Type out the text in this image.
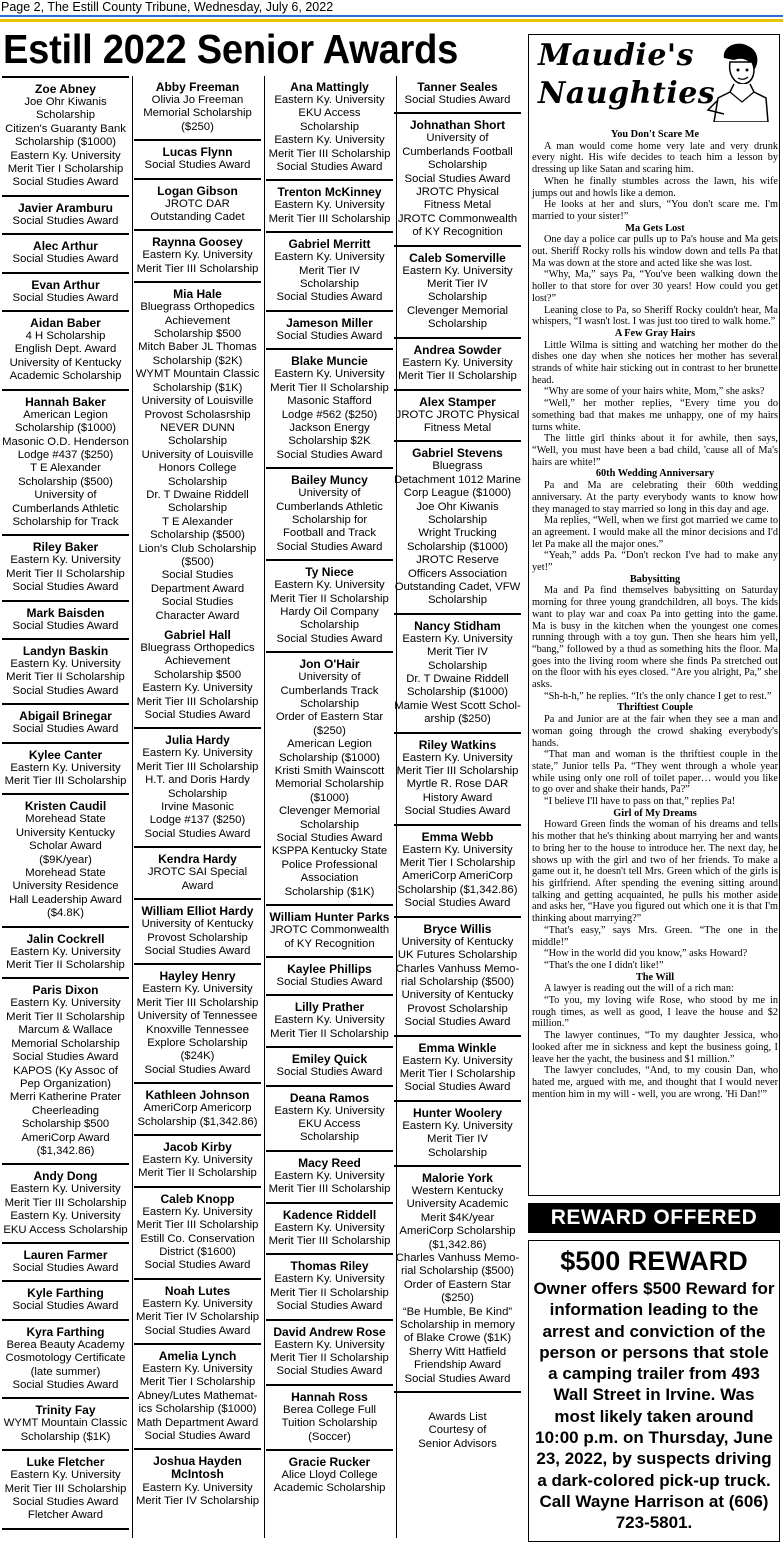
Page 2, The Estill County Tribune, Wednesday, July 6, 2022
Estill 2022 Senior Awards
Zoe Abney
Joe Ohr Kiwanis
Scholarship
Citizen's Guaranty Bank
Scholarship ($1000)
Eastern Ky. University
Merit Tier I Scholarship
Social Studies Award
Javier Aramburu
Social Studies Award
Alec Arthur
Social Studies Award
Evan Arthur
Social Studies Award
Aidan Baber
4 H Scholarship
English Dept. Award
University of Kentucky
Academic Scholarship
Hannah Baker
American Legion
Scholarship ($1000)
Masonic O.D. Henderson
Lodge #437 ($250)
T E Alexander
Scholarship ($500)
University of
Cumberlands Athletic
Scholarship for Track
Riley Baker
Eastern Ky. University
Merit Tier II Scholarship
Social Studies Award
Mark Baisden
Social Studies Award
Landyn Baskin
Eastern Ky. University
Merit Tier II Scholarship
Social Studies Award
Abigail Brinegar
Social Studies Award
Kylee Canter
Eastern Ky. University
Merit Tier III Scholarship
Kristen Caudil
Morehead State
University Kentucky
Scholar Award
($9K/year)
Morehead State
University Residence
Hall Leadership Award
($4.8K)
Jalin Cockrell
Eastern Ky. University
Merit Tier II Scholarship
Paris Dixon
Eastern Ky. University
Merit Tier II Scholarship
Marcum & Wallace
Memorial Scholarship
Social Studies Award
KAPOS (Ky Assoc of
Pep Organization)
Merri Katherine Prater
Cheerleading
Scholarship $500
AmeriCorp Award
($1,342.86)
Andy Dong
Eastern Ky. University
Merit Tier III Scholarship
Eastern Ky. University
EKU Access Scholarship
Lauren Farmer
Social Studies Award
Kyle Farthing
Social Studies Award
Kyra Farthing
Berea Beauty Academy
Cosmotology Certificate
(late summer)
Social Studies Award
Trinity Fay
WYMT Mountain Classic
Scholarship ($1K)
Luke Fletcher
Eastern Ky. University
Merit Tier III Scholarship
Social Studies Award
Fletcher Award
Abby Freeman
Olivia Jo Freeman
Memorial Scholarship
($250)
Lucas Flynn
Social Studies Award
Logan Gibson
JROTC DAR
Outstanding Cadet
Raynna Goosey
Eastern Ky. University
Merit Tier III Scholarship
Mia Hale
Bluegrass Orthopedics
Achievement
Scholarship $500
Mitch Baber JL Thomas
Scholarship ($2K)
WYMT Mountain Classic
Scholarship ($1K)
University of Louisville
Provost Scholasrship
NEVER DUNN
Scholarship
University of Louisville
Honors College
Scholarship
Dr. T Dwaine Riddell
Scholarship
T E Alexander
Scholarship ($500)
Lion's Club Scholarship
($500)
Social Studies
Department Award
Social Studies
Character Award
Gabriel Hall
Bluegrass Orthopedics
Achievement
Scholarship $500
Eastern Ky. University
Merit Tier III Scholarship
Social Studies Award
Julia Hardy
Eastern Ky. University
Merit Tier III Scholarship
H.T. and Doris Hardy
Scholarship
Irvine Masonic
Lodge #137 ($250)
Social Studies Award
Kendra Hardy
JROTC SAI Special
Award
William Elliot Hardy
University of Kentucky
Provost Scholarship
Social Studies Award
Hayley Henry
Eastern Ky. University
Merit Tier III Scholarship
University of Tennessee
Knoxville Tennessee
Explore Scholarship
($24K)
Social Studies Award
Kathleen Johnson
AmeriCorp Americorp
Scholarship ($1,342.86)
Jacob Kirby
Eastern Ky. University
Merit Tier II Scholarship
Caleb Knopp
Eastern Ky. University
Merit Tier III Scholarship
Estill Co. Conservation
District ($1600)
Social Studies Award
Noah Lutes
Eastern Ky. University
Merit Tier IV Scholarship
Social Studies Award
Amelia Lynch
Eastern Ky. University
Merit Tier I Scholarship
Abney/Lutes Mathemat-
ics Scholarship ($1000)
Math Department Award
Social Studies Award
Joshua Hayden
McIntosh
Eastern Ky. University
Merit Tier IV Scholarship
Ana Mattingly
Eastern Ky. University
EKU Access
Scholarship
Eastern Ky. University
Merit Tier III Scholarship
Social Studies Award
Trenton McKinney
Eastern Ky. University
Merit Tier III Scholarship
Gabriel Merritt
Eastern Ky. University
Merit Tier IV
Scholarship
Social Studies Award
Jameson Miller
Social Studies Award
Blake Muncie
Eastern Ky. University
Merit Tier II Scholarship
Masonic Stafford
Lodge #562 ($250)
Jackson Energy
Scholarship $2K
Social Studies Award
Bailey Muncy
University of
Cumberlands Athletic
Scholarship for
Football and Track
Social Studies Award
Ty Niece
Eastern Ky. University
Merit Tier II Scholarship
Hardy Oil Company
Scholarship
Social Studies Award
Jon O'Hair
University of
Cumberlands Track
Scholarship
Order of Eastern Star
($250)
American Legion
Scholarship ($1000)
Kristi Smith Wainscott
Memorial Scholarship
($1000)
Clevenger Memorial
Scholarship
Social Studies Award
KSPPA Kentucky State
Police Professional
Association
Scholarship ($1K)
William Hunter Parks
JROTC Commonwealth
of KY Recognition
Kaylee Phillips
Social Studies Award
Lilly Prather
Eastern Ky. University
Merit Tier II Scholarship
Emiley Quick
Social Studies Award
Deana Ramos
Eastern Ky. University
EKU Access
Scholarship
Macy Reed
Eastern Ky. University
Merit Tier III Scholarship
Kadence Riddell
Eastern Ky. University
Merit Tier III Scholarship
Thomas Riley
Eastern Ky. University
Merit Tier II Scholarship
Social Studies Award
David Andrew Rose
Eastern Ky. University
Merit Tier II Scholarship
Social Studies Award
Hannah Ross
Berea College Full
Tuition Scholarship
(Soccer)
Gracie Rucker
Alice Lloyd College
Academic Scholarship
Tanner Seales
Social Studies Award
Johnathan Short
University of
Cumberlands Football
Scholarship
Social Studies Award
JROTC Physical
Fitness Metal
JROTC Commonwealth
of KY Recognition
Caleb Somerville
Eastern Ky. University
Merit Tier IV
Scholarship
Clevenger Memorial
Scholarship
Andrea Sowder
Eastern Ky. University
Merit Tier II Scholarship
Alex Stamper
JROTC JROTC Physical
Fitness Metal
Gabriel Stevens
Bluegrass
Detachment 1012 Marine
Corp League ($1000)
Joe Ohr Kiwanis
Scholarship
Wright Trucking
Scholarship ($1000)
JROTC Reserve
Officers Association
Outstanding Cadet, VFW
Scholarship
Nancy Stidham
Eastern Ky. University
Merit Tier IV
Scholarship
Dr. T Dwaine Riddell
Scholarship ($1000)
Mamie West Scott Schol-
arship ($250)
Riley Watkins
Eastern Ky. University
Merit Tier III Scholarship
Myrtle R. Rose DAR
History Award
Social Studies Award
Emma Webb
Eastern Ky. University
Merit Tier I Scholarship
AmeriCorp AmeriCorp
Scholarship ($1,342.86)
Social Studies Award
Bryce Willis
University of Kentucky
UK Futures Scholarship
Charles Vanhuss Memo-
rial Scholarship ($500)
University of Kentucky
Provost Scholarship
Social Studies Award
Emma Winkle
Eastern Ky. University
Merit Tier I Scholarship
Social Studies Award
Hunter Woolery
Eastern Ky. University
Merit Tier IV
Scholarship
Malorie York
Western Kentucky
University Academic
Merit $4K/year
AmeriCorp Scholarship
($1,342.86)
Charles Vanhuss Memo-
rial Scholarship ($500)
Order of Eastern Star
($250)
“Be Humble, Be Kind”
Scholarship in memory
of Blake Crowe ($1K)
Sherry Witt Hatfield
Friendship Award
Social Studies Award
Awards List
Courtesy of
Senior Advisors
Maudie's
Naughties
You Don't Scare Me

A man would come home very late and very drunk every night. His wife decides to teach him a lesson by dressing up like Satan and scaring him.

When he finally stumbles across the lawn, his wife jumps out and howls like a demon.

He looks at her and slurs, “You don't scare me. I'm married to your sister!”

Ma Gets Lost

One day a police car pulls up to Pa's house and Ma gets out. Sheriff Rocky rolls his window down and tells Pa that Ma was down at the store and acted like she was lost.

“Why, Ma,” says Pa, “You've been walking down the holler to that store for over 30 years! How could you get lost?”

Leaning close to Pa, so Sheriff Rocky couldn't hear, Ma whispers, “I wasn't lost. I was just too tired to walk home.”

A Few Gray Hairs

Little Wilma is sitting and watching her mother do the dishes one day when she notices her mother has several strands of white hair sticking out in contrast to her brunette head.

“Why are some of your hairs white, Mom,” she asks?

“Well,” her mother replies, “Every time you do something bad that makes me unhappy, one of my hairs turns white.

The little girl thinks about it for awhile, then says, “Well, you must have been a bad child, 'cause all of Ma's hairs are white!”

60th Wedding Anniversary

Pa and Ma are celebrating their 60th wedding anniversary. At the party everybody wants to know how they managed to stay married so long in this day and age.

Ma replies, “Well, when we first got married we came to an agreement. I would make all the minor decisions and I'd let Pa make all the major ones.”

“Yeah,” adds Pa. “Don't reckon I've had to make any yet!”

Babysitting

Ma and Pa find themselves babysitting on Saturday morning for three young grandchildren, all boys. The kids want to play war and coax Pa into getting into the game. Ma is busy in the kitchen when the youngest one comes running through with a toy gun. Then she hears him yell, “bang,” followed by a thud as something hits the floor. Ma goes into the living room where she finds Pa stretched out on the floor with his eyes closed. “Are you alright, Pa,” she asks.

“Sh-h-h,” he replies. “It's the only chance I get to rest.”

Thriftiest Couple

Pa and Junior are at the fair when they see a man and woman going through the crowd shaking everybody's hands.

“That man and woman is the thriftiest couple in the state,” Junior tells Pa. “They went through a whole year while using only one roll of toilet paper… would you like to go over and shake their hands, Pa?”

“I believe I'll have to pass on that,” replies Pa!

Girl of My Dreams

Howard Green finds the woman of his dreams and tells his mother that he's thinking about marrying her and wants to bring her to the house to introduce her. The next day, he shows up with the girl and two of her friends. To make a game out it, he doesn't tell Mrs. Green which of the girls is his girlfriend. After spending the evening sitting around talking and getting acquainted, he pulls his mother aside and asks her, “Have you figured out which one it is that I'm thinking about marrying?”

“That's easy,” says Mrs. Green. “The one in the middle!”

“How in the world did you know,” asks Howard?

“That's the one I didn't like!”

The Will

A lawyer is reading out the will of a rich man:

“To you, my loving wife Rose, who stood by me in rough times, as well as good, I leave the house and $2 million.”

The lawyer continues, “To my daughter Jessica, who looked after me in sickness and kept the business going, I leave her the yacht, the business and $1 million.”

The lawyer concludes, “And, to my cousin Dan, who hated me, argued with me, and thought that I would never mention him in my will - well, you are wrong. 'Hi Dan!'”

REWARD OFFERED
$500 REWARD
Owner offers $500 Reward for information leading to the arrest and conviction of the person or persons that stole a camping trailer from 493 Wall Street in Irvine. Was most likely taken around 10:00 p.m. on Thursday, June 23, 2022, by suspects driving a dark-colored pick-up truck. Call Wayne Harrison at (606) 723-5801.
